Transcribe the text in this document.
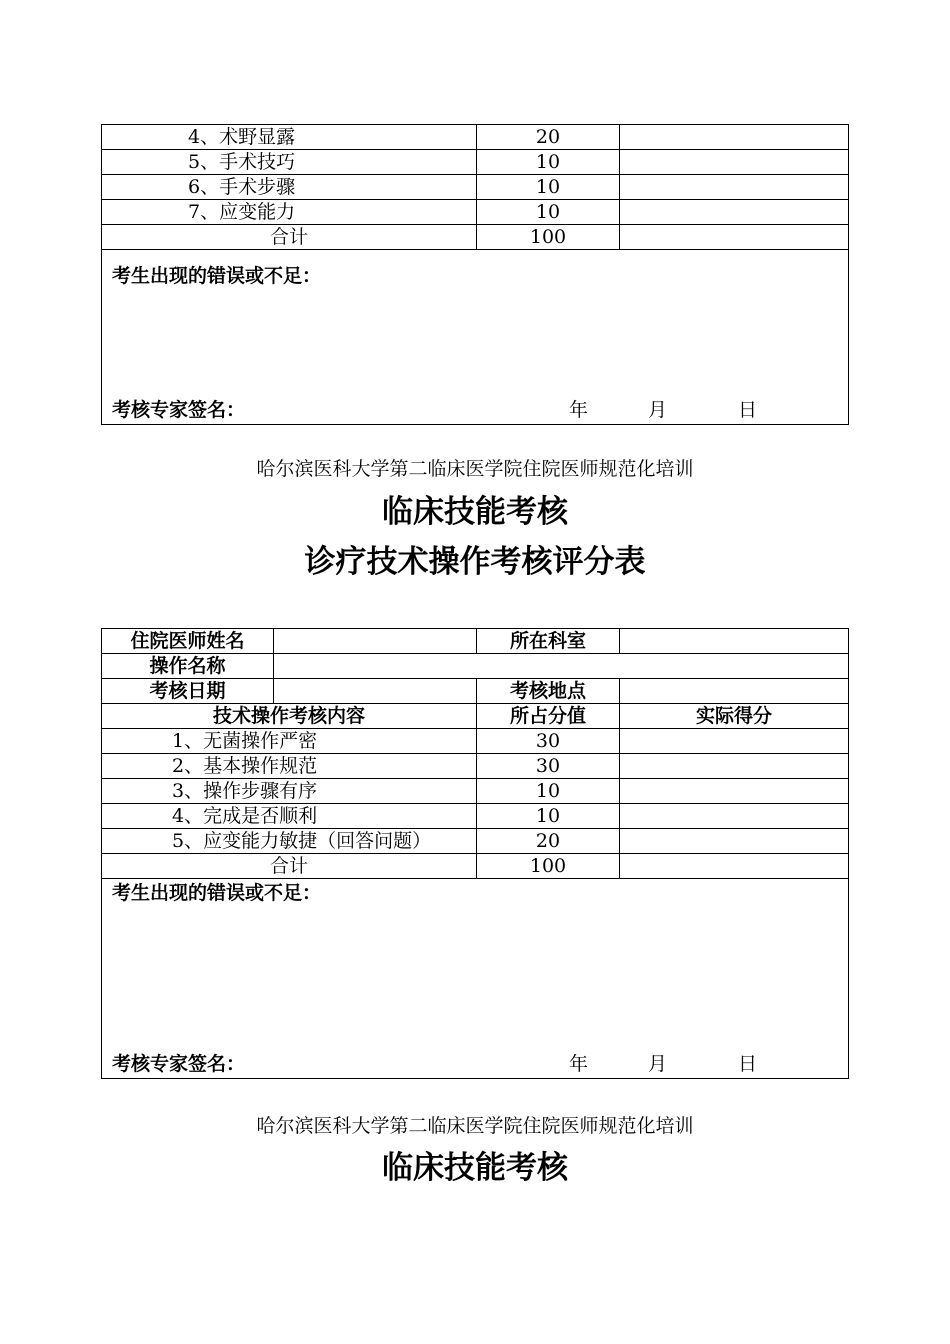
4、术野显露	20	
5、手术技巧	10	
6、手术步骤	10	
7、应变能力	10	
合计	100	

考生出现的错误或不足：
考核专家签名： 年 月 日		
哈尔滨医科大学第二临床医学院住院医师规范化培训
临床技能考核
诊疗技术操作考核评分表
住院医师姓名		所在科室	
操作名称			
考核日期		考核地点	
技术操作考核内容		所占分值	实际得分
1、无菌操作严密		30	
2、基本操作规范		30	
3、操作步骤有序		10	
4、完成是否顺利		10	
5、应变能力敏捷（回答问题）		20	
合计		100	

考生出现的错误或不足：
考核专家签名： 年 月 日			
哈尔滨医科大学第二临床医学院住院医师规范化培训
临床技能考核
